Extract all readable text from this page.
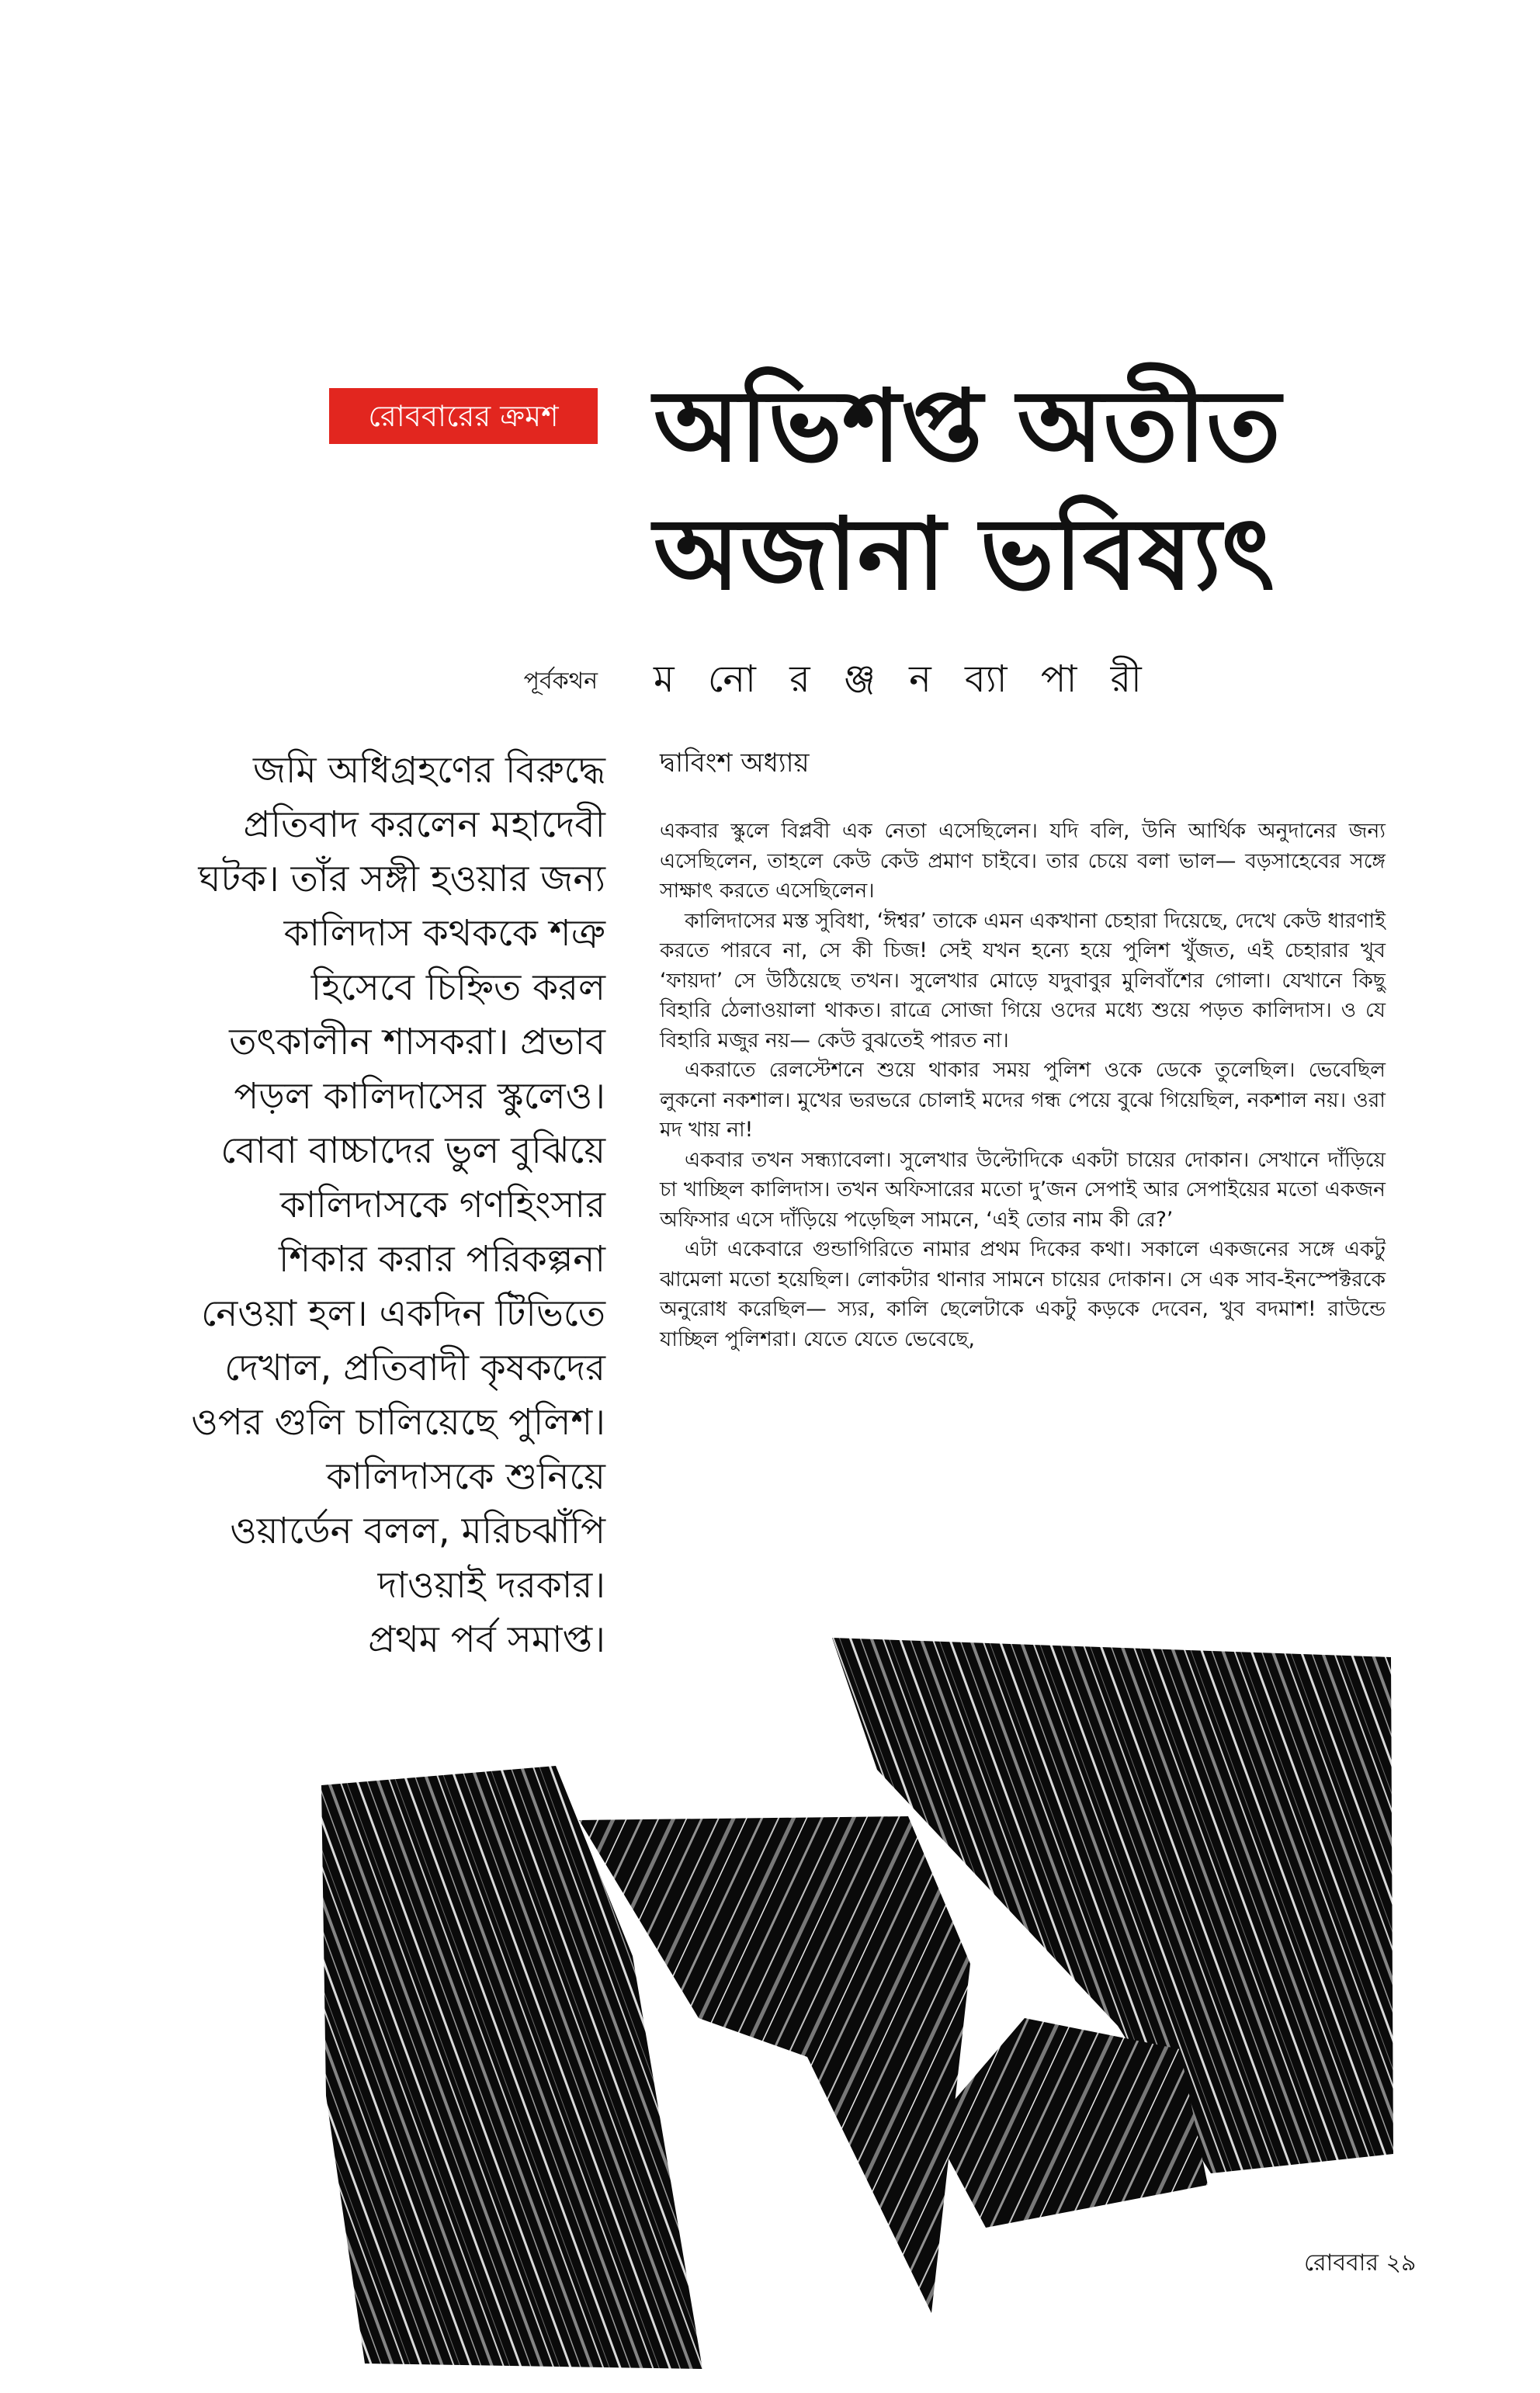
রোববারের ক্রমশ অভিশপ্ত অতীত
অজানা ভবিষ্যৎ
পূর্বকথন ম নো র ঞ্জ ন ব্যা পা রী
জমি অধিগ্রহণের বিরুদ্ধে
প্রতিবাদ করলেন মহাদেবী
ঘটক। তাঁর সঙ্গী হওয়ার জন্য
কালিদাস কথককে শত্রু
হিসেবে চিহ্নিত করল
তৎকালীন শাসকরা। প্রভাব
পড়ল কালিদাসের স্কুলেও।
বোবা বাচ্চাদের ভুল বুঝিয়ে
কালিদাসকে গণহিংসার
শিকার করার পরিকল্পনা
নেওয়া হল। একদিন টিভিতে
দেখাল, প্রতিবাদী কৃষকদের
ওপর গুলি চালিয়েছে পুলিশ।
কালিদাসকে শুনিয়ে
ওয়ার্ডেন বলল, মরিচঝাঁপি
দাওয়াই দরকার।
প্রথম পর্ব সমাপ্ত।
দ্বাবিংশ অধ্যায়

একবার স্কুলে বিপ্লবী এক নেতা এসেছিলেন। যদি বলি, উনি আর্থিক অনুদানের জন্য এসেছিলেন, তাহলে কেউ কেউ প্রমাণ চাইবে। তার চেয়ে বলা ভাল— বড়সাহেবের সঙ্গে সাক্ষাৎ করতে এসেছিলেন।

কালিদাসের মস্ত সুবিধা, ‘ঈশ্বর’ তাকে এমন একখানা চেহারা দিয়েছে, দেখে কেউ ধারণাই করতে পারবে না, সে কী চিজ! সেই যখন হন্যে হয়ে পুলিশ খুঁজত, এই চেহারার খুব ‘ফায়দা’ সে উঠিয়েছে তখন। সুলেখার মোড়ে যদুবাবুর মুলিবাঁশের গোলা। যেখানে কিছু বিহারি ঠেলাওয়ালা থাকত। রাত্রে সোজা গিয়ে ওদের মধ্যে শুয়ে পড়ত কালিদাস। ও যে বিহারি মজুর নয়— কেউ বুঝতেই পারত না।

একরাতে রেলস্টেশনে শুয়ে থাকার সময় পুলিশ ওকে ডেকে তুলেছিল। ভেবেছিল লুকনো নকশাল। মুখের ভরভরে চোলাই মদের গন্ধ পেয়ে বুঝে গিয়েছিল, নকশাল নয়। ওরা মদ খায় না!

একবার তখন সন্ধ্যাবেলা। সুলেখার উল্টোদিকে একটা চায়ের দোকান। সেখানে দাঁড়িয়ে চা খাচ্ছিল কালিদাস। তখন অফিসারের মতো দু’জন সেপাই আর সেপাইয়ের মতো একজন অফিসার এসে দাঁড়িয়ে পড়েছিল সামনে, ‘এই তোর নাম কী রে?’

এটা একেবারে গুন্ডাগিরিতে নামার প্রথম দিকের কথা। সকালে একজনের সঙ্গে একটু ঝামেলা মতো হয়েছিল। লোকটার থানার সামনে চায়ের দোকান। সে এক সাব-ইনস্পেক্টরকে অনুরোধ করেছিল— স্যর, কালি ছেলেটাকে একটু কড়কে দেবেন, খুব বদমাশ! রাউন্ডে যাচ্ছিল পুলিশরা। যেতে যেতে ভেবেছে,

রোববার ২৯
